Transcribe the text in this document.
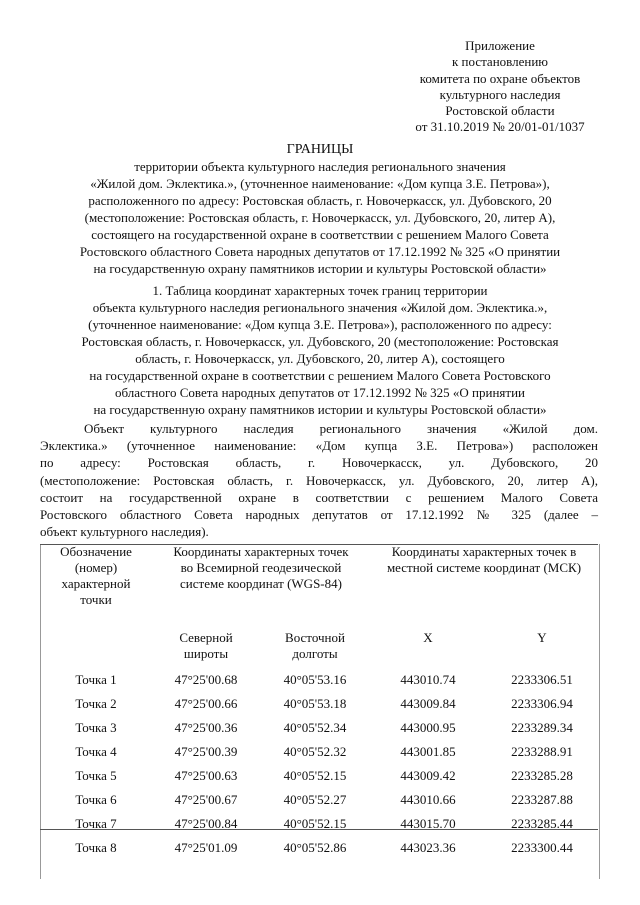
Приложение
к постановлению
комитета по охране объектов
культурного наследия
Ростовской области
от 31.10.2019 № 20/01-01/1037
ГРАНИЦЫ
территории объекта культурного наследия регионального значения
«Жилой дом. Эклектика.», (уточненное наименование: «Дом купца З.Е. Петрова»),
расположенного по адресу: Ростовская область, г. Новочеркасск, ул. Дубовского, 20
(местоположение: Ростовская область, г. Новочеркасск, ул. Дубовского, 20, литер А),
состоящего на государственной охране в соответствии с решением Малого Совета
Ростовского областного Совета народных депутатов от 17.12.1992 № 325 «О принятии
на государственную охрану памятников истории и культуры Ростовской области»
1. Таблица координат характерных точек границ территории
объекта культурного наследия регионального значения «Жилой дом. Эклектика.»,
(уточненное наименование: «Дом купца З.Е. Петрова»), расположенного по адресу:
Ростовская область, г. Новочеркасск, ул. Дубовского, 20 (местоположение: Ростовская
область, г. Новочеркасск, ул. Дубовского, 20, литер А), состоящего
на государственной охране в соответствии с решением Малого Совета Ростовского
областного Совета народных депутатов от 17.12.1992 № 325 «О принятии
на государственную охрану памятников истории и культуры Ростовской области»
Объект культурного наследия регионального значения «Жилой дом.
Эклектика.» (уточненное наименование: «Дом купца З.Е. Петрова») расположен
по адресу: Ростовская область, г. Новочеркасск, ул. Дубовского, 20
(местоположение: Ростовская область, г. Новочеркасск, ул. Дубовского, 20, литер А),
состоит на государственной охране в соответствии с решением Малого Совета
Ростовского областного Совета народных депутатов от 17.12.1992 № 325 (далее –
объект культурного наследия).
Обозначение (номер) характерной точки	Координаты характерных точек во Всемирной геодезической системе координат (WGS-84)		Координаты характерных точек в местной системе координат (МСК)	

	Северной широты	Восточной долготы	X	Y
Точка 1	47°25'00.68	40°05'53.16	443010.74	2233306.51
Точка 2	47°25'00.66	40°05'53.18	443009.84	2233306.94
Точка 3	47°25'00.36	40°05'52.34	443000.95	2233289.34
Точка 4	47°25'00.39	40°05'52.32	443001.85	2233288.91
Точка 5	47°25'00.63	40°05'52.15	443009.42	2233285.28
Точка 6	47°25'00.67	40°05'52.27	443010.66	2233287.88
Точка 7	47°25'00.84	40°05'52.15	443015.70	2233285.44
Точка 8	47°25'01.09	40°05'52.86	443023.36	2233300.44
